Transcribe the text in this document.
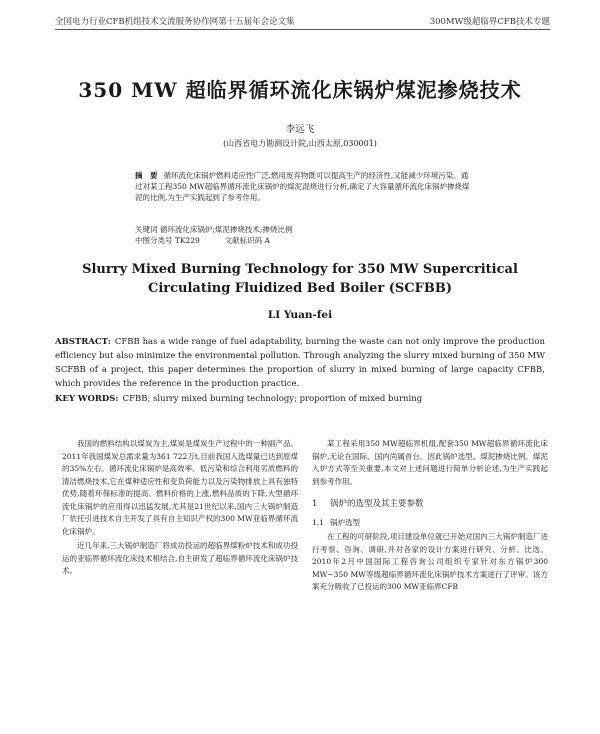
全国电力行业CFB机组技术交流服务协作网第十五届年会论文集	300MW级超临界CFB技术专题
350 MW 超临界循环流化床锅炉煤泥掺烧技术
李远飞
(山西省电力勘测设计院,山西太原,030001)
摘　要 循环流化床锅炉燃料适应性广泛,燃用废弃物既可以提高生产的经济性,又能减少环境污染。通过对某工程350 MW超临界循环流化床锅炉的煤泥混烧进行分析,确定了大容量循环流化床锅炉掺烧煤泥的比例,为生产实践起到了参考作用。
关键词 循环流化床锅炉;煤泥掺烧技术;掺烧比例
中图分类号 TK229	文献标识码 A
Slurry Mixed Burning Technology for 350 MW Supercritical
Circulating Fluidized Bed Boiler (SCFBB)
LI Yuan-fei
ABSTRACT: CFBB has a wide range of fuel adaptability, burning the waste can not only improve the production efficiency but also minimize the environmental pollution. Through analyzing the slurry mixed burning of 350 MW SCFBB of a project, this paper determines the proportion of slurry in mixed burning of large capacity CFBB, which provides the reference in the production practice.
KEY WORDS: CFBB; slurry mixed burning technology; proportion of mixed burning

我国的燃料结构以煤炭为主,煤炭是煤炭生产过程中的一种副产品。2011年我国煤炭总需求量为361 722万t,目前我国入选煤量已达到原煤的35%左右。循环流化床锅炉是高效率、低污染和综合利用劣质燃料的清洁燃烧技术,它在煤种适应性和变负荷能力以及污染物排放上具有独特优势,随着环保标准的提高、燃料价格的上涨,燃料品质的下降,大型循环流化床锅炉的应用得以迅猛发展,尤其是21世纪以来,国内三大锅炉制造厂依托引进技术自主开发了具有自主知识产权的300 MW亚临界循环流化床锅炉。

近几年来,三大锅炉制造厂将成功投运的超临界煤粉炉技术和成功投运的亚临界循环流化床技术相结合,自主研发了超临界循环流化床锅炉技术。

某工程采用350 MW超临界机组,配套350 MW超临界循环流化床锅炉,无论在国际、国内尚属首台。因此锅炉选型、煤泥掺烧比例、煤泥入炉方式等至关重要,本文对上述问题进行简单分析论述,为生产实践起到参考作用。

1 锅炉的选型及其主要参数
1.1 锅炉选型

在工程的可研阶段,项目建设单位就已开始对国内三大锅炉制造厂进行考察、咨询、调研,并对各家的设计方案进行研究、分析、比选。2010年2月中国国际工程咨询公司组织专家针对东方锅炉300 MW~350 MW等级超临界循环流化床锅炉技术方案进行了评审。该方案充分吸收了已投运的300 MW亚临界CFB
